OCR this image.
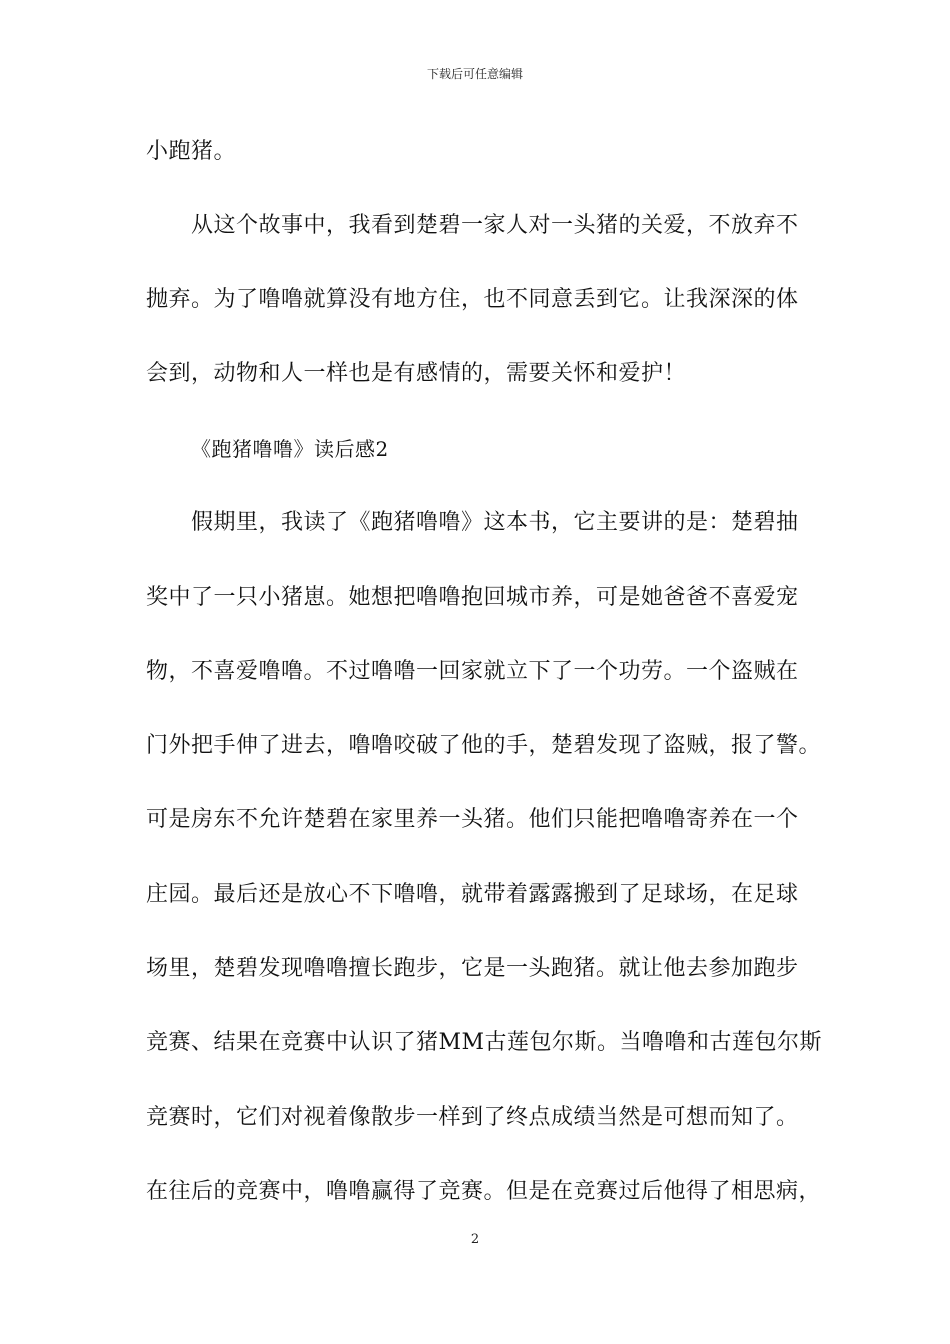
下载后可任意编辑
小跑猪。
从这个故事中，我看到楚碧一家人对一头猪的关爱，不放弃不
抛弃。为了噜噜就算没有地方住，也不同意丢到它。让我深深的体
会到，动物和人一样也是有感情的，需要关怀和爱护！
《跑猪噜噜》读后感2
假期里，我读了《跑猪噜噜》这本书，它主要讲的是：楚碧抽
奖中了一只小猪崽。她想把噜噜抱回城市养，可是她爸爸不喜爱宠
物，不喜爱噜噜。不过噜噜一回家就立下了一个功劳。一个盗贼在
门外把手伸了进去，噜噜咬破了他的手，楚碧发现了盗贼，报了警。
可是房东不允许楚碧在家里养一头猪。他们只能把噜噜寄养在一个
庄园。最后还是放心不下噜噜，就带着露露搬到了足球场，在足球
场里，楚碧发现噜噜擅长跑步，它是一头跑猪。就让他去参加跑步
竞赛、结果在竞赛中认识了猪MM古莲包尔斯。当噜噜和古莲包尔斯
竞赛时，它们对视着像散步一样到了终点成绩当然是可想而知了。
在往后的竞赛中，噜噜赢得了竞赛。但是在竞赛过后他得了相思病，
2
